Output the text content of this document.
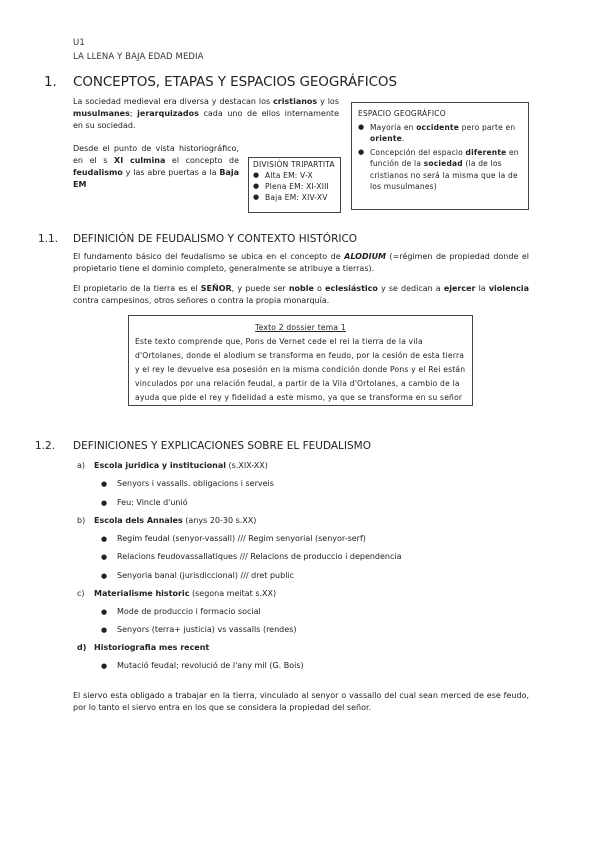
U1
LA LLENA Y BAJA EDAD MEDIA
1. CONCEPTOS, ETAPAS Y ESPACIOS GEOGRÁFICOS

La sociedad medieval era diversa y destacan los cristianos y los musulmanes; jerarquizados cada uno de ellos internamente en su sociedad.

Desde el punto de vista historiográfico, en el s XI culmina el concepto de feudalismo y las abre puertas a la Baja EM

DIVISIÓN TRIPARTITA
● Alta EM: V-X
● Plena EM: XI-XIII
● Baja EM: XIV-XV
ESPACIO GEOGRÁFICO
● Mayoría en occidente pero parte en oriente.
● Concepción del espacio diferente en función de la sociedad (la de los cristianos no será la misma que la de los musulmanes)
1.1. DEFINICIÓN DE FEUDALISMO Y CONTEXTO HISTÓRICO

El fundamento básico del feudalismo se ubica en el concepto de ALODIUM (=régimen de propiedad donde el propietario tiene el dominio completo, generalmente se atribuye a tierras).

El propietario de la tierra es el SEÑOR, y puede ser noble o eclesiástico y se dedican a ejercer la violencia contra campesinos, otros señores o contra la propia monarquía.

Texto 2 dossier tema 1
Este texto comprende que, Pons de Vernet cede el rei la tierra de la vila d'Ortolanes, donde el alodium se transforma en feudo, por la cesión de esta tierra y el rey le devuelve esa posesión en la misma condición donde Pons y el Rei están vinculados por una relación feudal, a partir de la Vila d'Ortolanes, a cambio de la ayuda que pide el rey y fidelidad a este mismo, ya que se transforma en su señor
1.2. DEFINICIONES Y EXPLICACIONES SOBRE EL FEUDALISMO
a) Escola juridica y institucional (s.XIX-XX)
● Senyors i vassalls. obligacions i serveis
● Feu: Vincle d'unió
b) Escola dels Annales (anys 20-30 s.XX)
● Regim feudal (senyor-vassall) /// Regim senyorial (senyor-serf)
● Relacions feudovassallatiques /// Relacions de produccio i dependencia
● Senyoria banal (jurisdiccional) /// dret public
c) Materialisme historic (segona meitat s.XX)
● Mode de produccio i formacio social
● Senyors (terra+ justicia) vs vassalls (rendes)
d) Historiografia mes recent
● Mutació feudal; revolució de l'any mil (G. Bois)

El siervo esta obligado a trabajar en la tierra, vinculado al senyor o vassallo del cual sean merced de ese feudo, por lo tanto el siervo entra en los que se considera la propiedad del señor.
